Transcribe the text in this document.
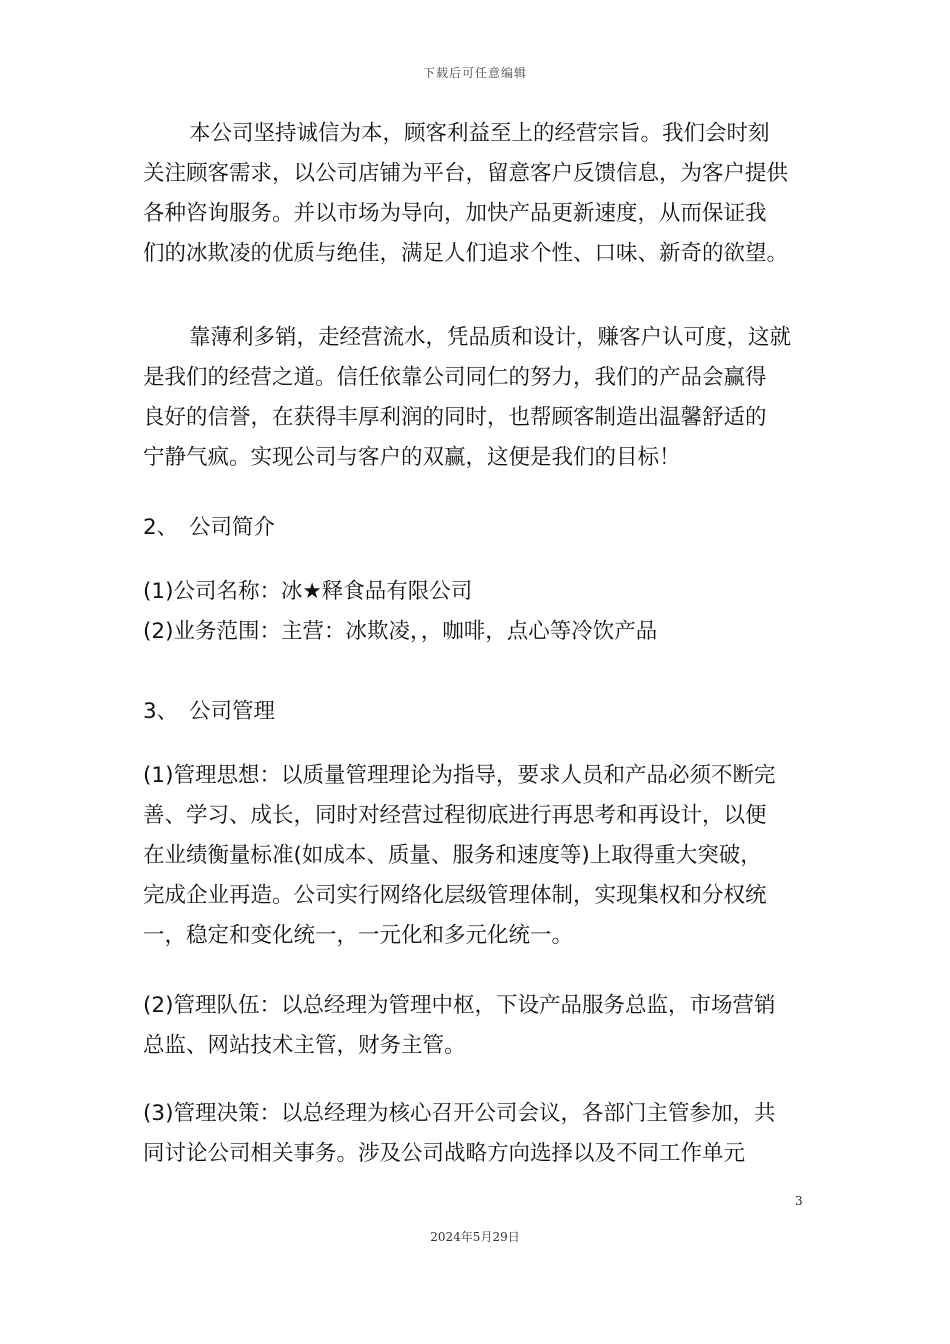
下载后可任意编辑
本公司坚持诚信为本，顾客利益至上的经营宗旨。我们会时刻
关注顾客需求，以公司店铺为平台，留意客户反馈信息，为客户提供
各种咨询服务。并以市场为导向，加快产品更新速度，从而保证我
们的冰欺凌的优质与绝佳，满足人们追求个性、口味、新奇的欲望。
靠薄利多销，走经营流水，凭品质和设计，赚客户认可度，这就
是我们的经营之道。信任依靠公司同仁的努力，我们的产品会赢得
良好的信誉，在获得丰厚利润的同时，也帮顾客制造出温馨舒适的
宁静气疯。实现公司与客户的双赢，这便是我们的目标！
2、 公司简介
(1)公司名称：冰★释食品有限公司
(2)业务范围：主营：冰欺凌，，咖啡，点心等冷饮产品
3、 公司管理
(1)管理思想：以质量管理理论为指导，要求人员和产品必须不断完
善、学习、成长，同时对经营过程彻底进行再思考和再设计，以便
在业绩衡量标准(如成本、质量、服务和速度等)上取得重大突破，
完成企业再造。公司实行网络化层级管理体制，实现集权和分权统
一，稳定和变化统一，一元化和多元化统一。
(2)管理队伍：以总经理为管理中枢，下设产品服务总监，市场营销
总监、网站技术主管，财务主管。
(3)管理决策：以总经理为核心召开公司会议，各部门主管参加，共
同讨论公司相关事务。涉及公司战略方向选择以及不同工作单元
3
2024年5月29日
